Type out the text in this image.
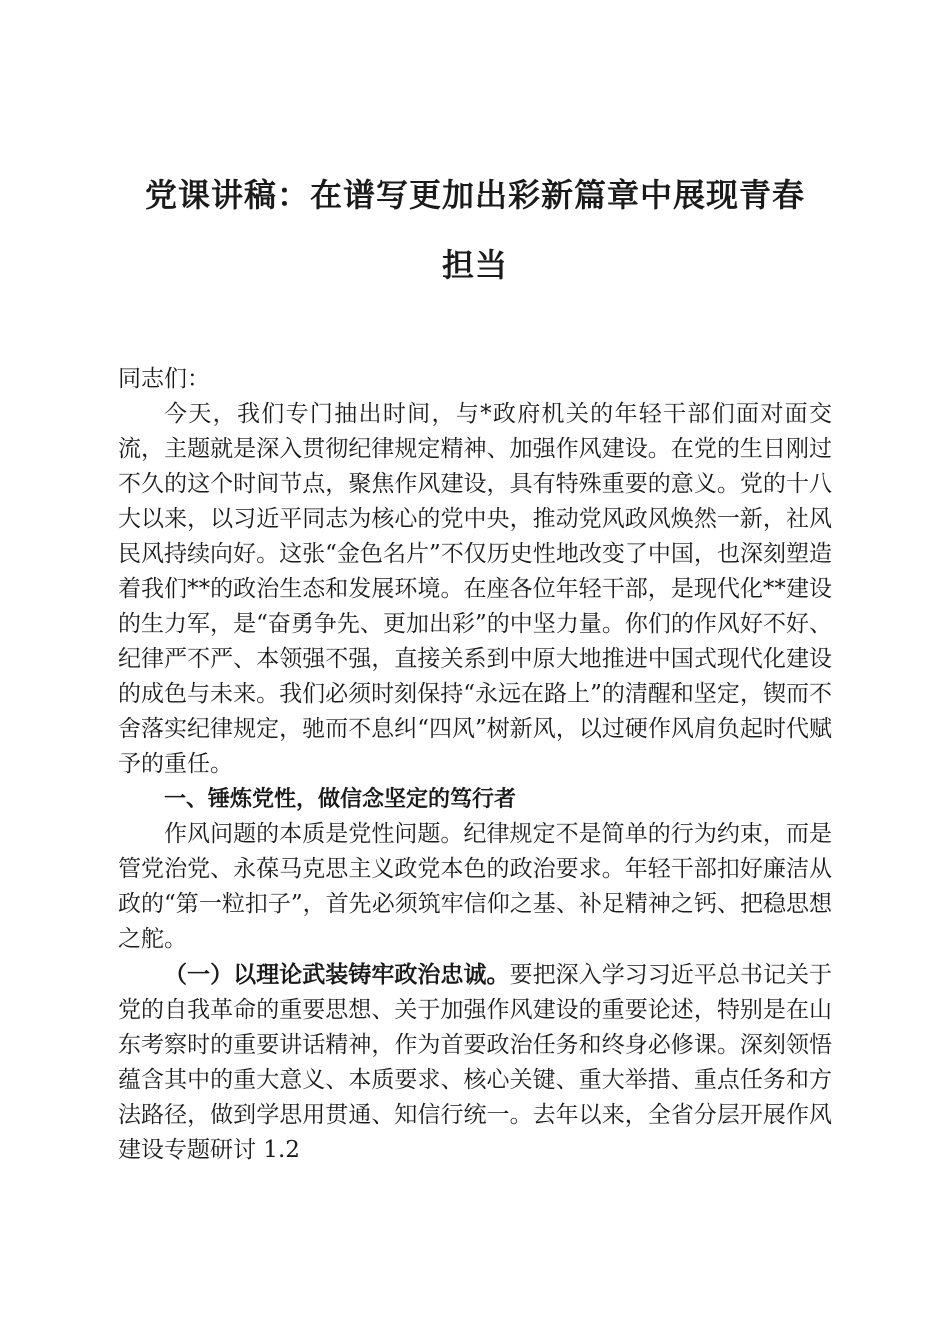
党课讲稿：在谱写更加出彩新篇章中展现青春
担当

同志们：

今天，我们专门抽出时间，与*政府机关的年轻干部们面对面交流，主题就是深入贯彻纪律规定精神、加强作风建设。在党的生日刚过不久的这个时间节点，聚焦作风建设，具有特殊重要的意义。党的十八大以来，以习近平同志为核心的党中央，推动党风政风焕然一新，社风民风持续向好。这张“金色名片”不仅历史性地改变了中国，也深刻塑造着我们**的政治生态和发展环境。在座各位年轻干部，是现代化**建设的生力军，是“奋勇争先、更加出彩”的中坚力量。你们的作风好不好、纪律严不严、本领强不强，直接关系到中原大地推进中国式现代化建设的成色与未来。我们必须时刻保持“永远在路上”的清醒和坚定，锲而不舍落实纪律规定，驰而不息纠“四风”树新风，以过硬作风肩负起时代赋予的重任。

一、锤炼党性，做信念坚定的笃行者

作风问题的本质是党性问题。纪律规定不是简单的行为约束，而是管党治党、永葆马克思主义政党本色的政治要求。年轻干部扣好廉洁从政的“第一粒扣子”，首先必须筑牢信仰之基、补足精神之钙、把稳思想之舵。

（一）以理论武装铸牢政治忠诚。要把深入学习习近平总书记关于党的自我革命的重要思想、关于加强作风建设的重要论述，特别是在山东考察时的重要讲话精神，作为首要政治任务和终身必修课。深刻领悟蕴含其中的重大意义、本质要求、核心关键、重大举措、重点任务和方法路径，做到学思用贯通、知信行统一。去年以来，全省分层开展作风建设专题研讨 1.2
